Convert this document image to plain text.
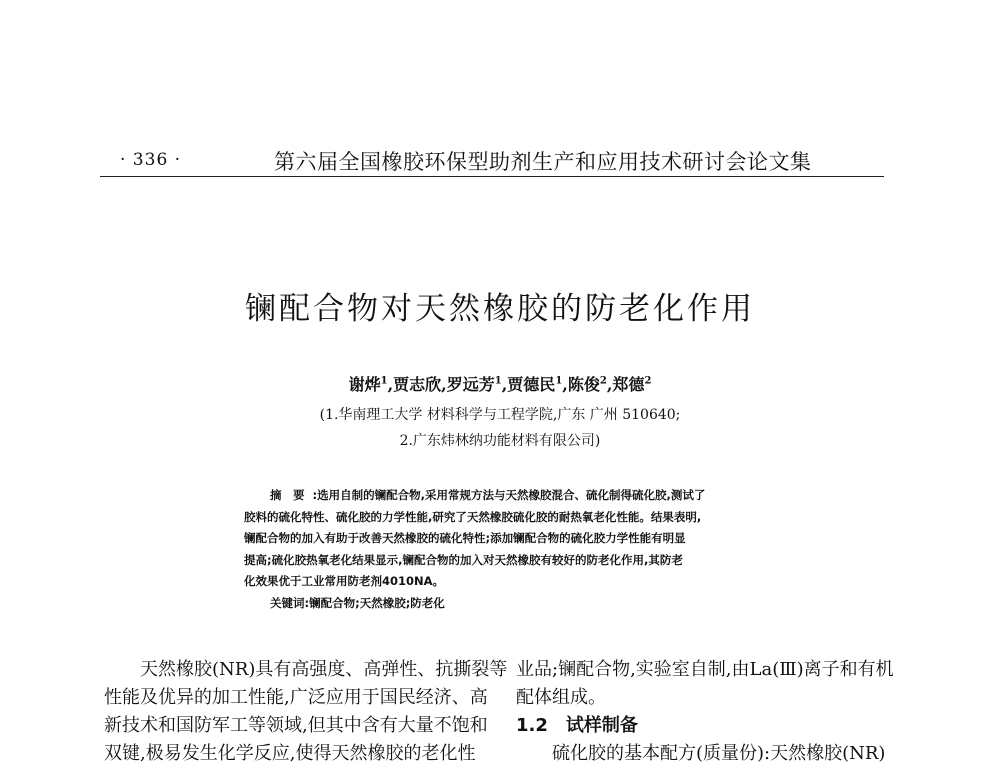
· 336 ·	第六届全国橡胶环保型助剂生产和应用技术研讨会论文集
镧配合物对天然橡胶的防老化作用
谢烨$^1$,贾志欣,罗远芳$^1$,贾德民$^1$,陈俊$^2$,郑德$^2$
(1.华南理工大学 材料科学与工程学院,广东 广州 510640;
2.广东炜林纳功能材料有限公司)

摘　要 :选用自制的镧配合物,采用常规方法与天然橡胶混合、硫化制得硫化胶,测试了

胶料的硫化特性、硫化胶的力学性能,研究了天然橡胶硫化胶的耐热氧老化性能。结果表明,

镧配合物的加入有助于改善天然橡胶的硫化特性;添加镧配合物的硫化胶力学性能有明显

提高;硫化胶热氧老化结果显示,镧配合物的加入对天然橡胶有较好的防老化作用,其防老

化效果优于工业常用防老剂4010NA。

关键词:镧配合物;天然橡胶;防老化

天然橡胶(NR)具有高强度、高弹性、抗撕裂等

性能及优异的加工性能,广泛应用于国民经济、高

新技术和国防军工等领域,但其中含有大量不饱和

双键,极易发生化学反应,使得天然橡胶的老化性

业品;镧配合物,实验室自制,由La(Ⅲ)离子和有机

配体组成。

1.2　试样制备

硫化胶的基本配方(质量份):天然橡胶(NR)
